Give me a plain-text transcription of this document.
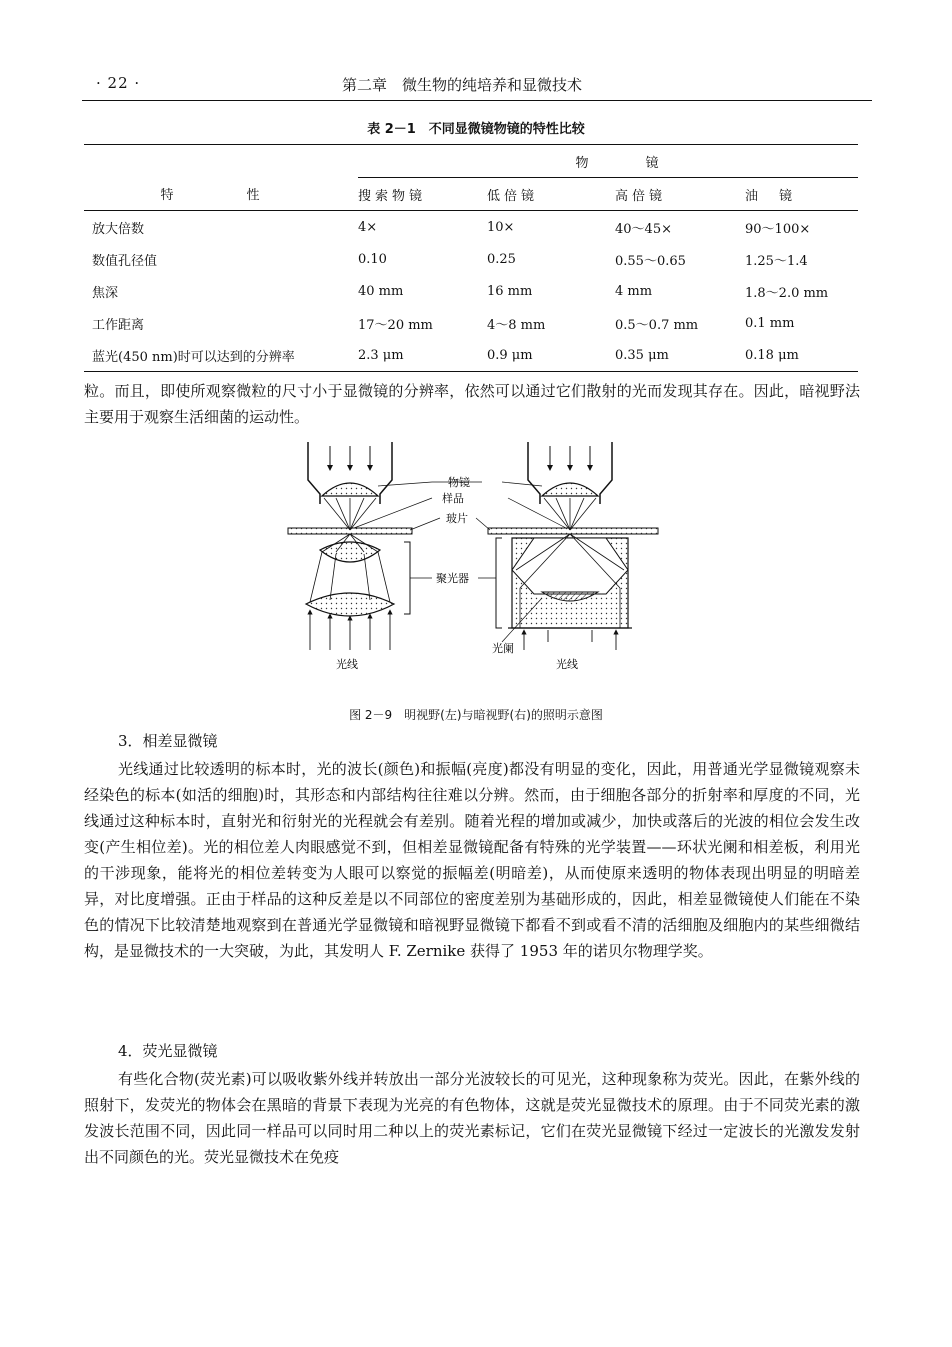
· 22 ·	第二章　微生物的纯培养和显微技术
表 2－1　不同显微镜物镜的特性比较
	物　镜			
特　性	搜索物镜	低倍镜	高倍镜	油　镜
放大倍数	4×	10×	40～45×	90～100×
数值孔径值	0.10	0.25	0.55～0.65	1.25～1.4
焦深	40 mm	16 mm	4 mm	1.8～2.0 mm
工作距离	17～20 mm	4～8 mm	0.5～0.7 mm	0.1 mm
蓝光(450 nm)时可以达到的分辨率	2.3 μm	0.9 μm	0.35 μm	0.18 μm

粒。而且，即使所观察微粒的尺寸小于显微镜的分辨率，依然可以通过它们散射的光而发现其存在。因此，暗视野法主要用于观察生活细菌的运动性。

物镜
样品
玻片
聚光器
光阑
光线	光线
图 2－9　明视野(左)与暗视野(右)的照明示意图
3．相差显微镜

光线通过比较透明的标本时，光的波长(颜色)和振幅(亮度)都没有明显的变化，因此，用普通光学显微镜观察未经染色的标本(如活的细胞)时，其形态和内部结构往往难以分辨。然而，由于细胞各部分的折射率和厚度的不同，光线通过这种标本时，直射光和衍射光的光程就会有差别。随着光程的增加或减少，加快或落后的光波的相位会发生改变(产生相位差)。光的相位差人肉眼感觉不到，但相差显微镜配备有特殊的光学装置——环状光阑和相差板，利用光的干涉现象，能将光的相位差转变为人眼可以察觉的振幅差(明暗差)，从而使原来透明的物体表现出明显的明暗差异，对比度增强。正由于样品的这种反差是以不同部位的密度差别为基础形成的，因此，相差显微镜使人们能在不染色的情况下比较清楚地观察到在普通光学显微镜和暗视野显微镜下都看不到或看不清的活细胞及细胞内的某些细微结构，是显微技术的一大突破，为此，其发明人 F. Zernike 获得了 1953 年的诺贝尔物理学奖。

4．荧光显微镜

有些化合物(荧光素)可以吸收紫外线并转放出一部分光波较长的可见光，这种现象称为荧光。因此，在紫外线的照射下，发荧光的物体会在黑暗的背景下表现为光亮的有色物体，这就是荧光显微技术的原理。由于不同荧光素的激发波长范围不同，因此同一样品可以同时用二种以上的荧光素标记，它们在荧光显微镜下经过一定波长的光激发发射出不同颜色的光。荧光显微技术在免疫
